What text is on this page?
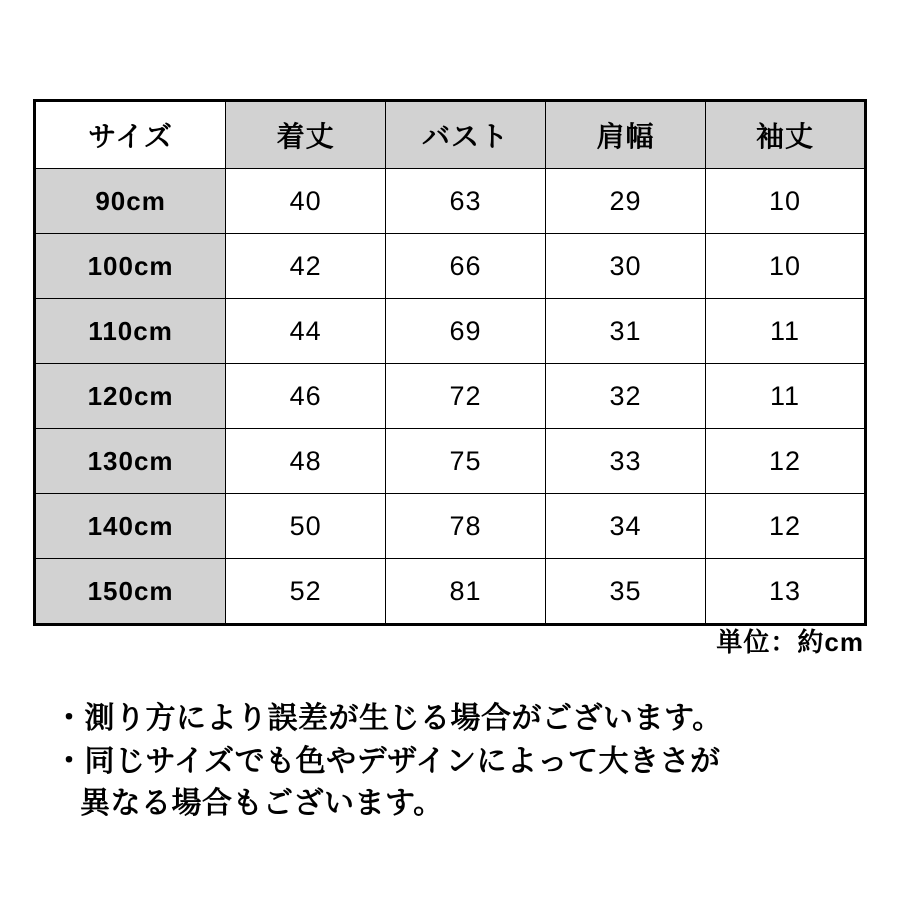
サイズ	着丈	バスト	肩幅	袖丈
90cm	40	63	29	10
100cm	42	66	30	10
110cm	44	69	31	11
120cm	46	72	32	11
130cm	48	75	33	12
140cm	50	78	34	12
150cm	52	81	35	13
単位：約cm
・測り方により誤差が生じる場合がございます。
・同じサイズでも色やデザインによって大きさが
異なる場合もございます。
